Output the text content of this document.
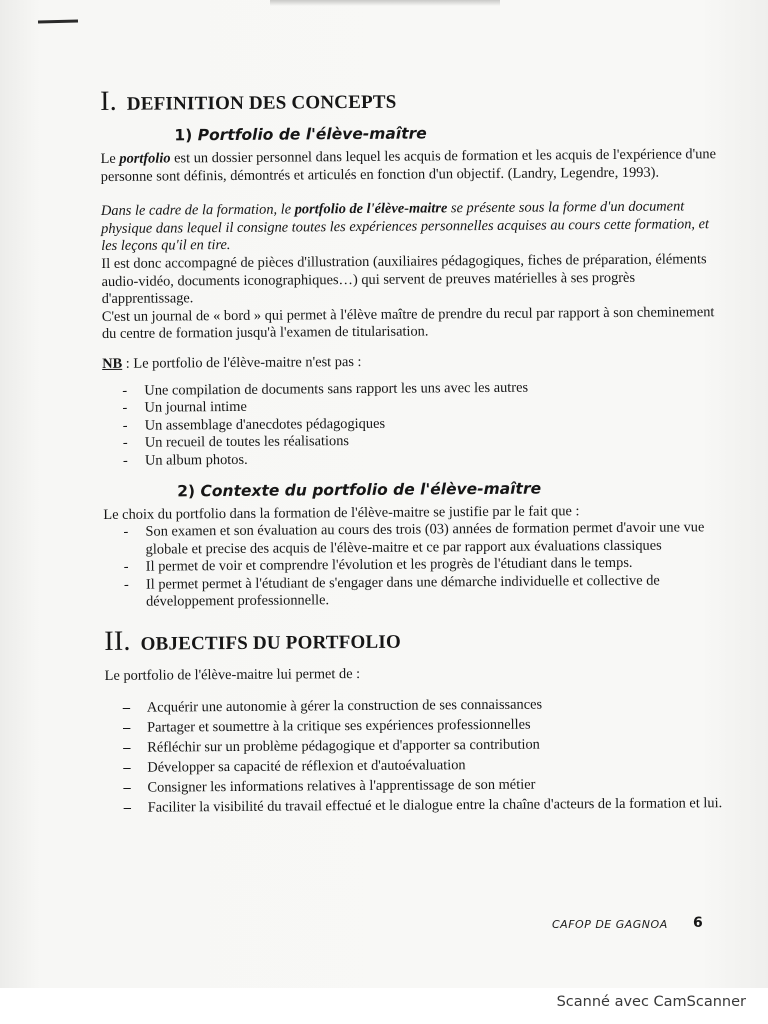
I. DEFINITION DES CONCEPTS
1) Portfolio de l'élève-maître

Le portfolio est un dossier personnel dans lequel les acquis de formation et les acquis de l'expérience d'une personne sont définis, démontrés et articulés en fonction d'un objectif. (Landry, Legendre, 1993).

Dans le cadre de la formation, le portfolio de l'élève-maitre se présente sous la forme d'un document physique dans lequel il consigne toutes les expériences personnelles acquises au cours cette formation, et les leçons qu'il en tire.

Il est donc accompagné de pièces d'illustration (auxiliaires pédagogiques, fiches de préparation, éléments audio-vidéo, documents iconographiques…) qui servent de preuves matérielles à ses progrès d'apprentissage.

C'est un journal de « bord » qui permet à l'élève maître de prendre du recul par rapport à son cheminement du centre de formation jusqu'à l'examen de titularisation.

NB : Le portfolio de l'élève-maitre n'est pas :

- Une compilation de documents sans rapport les uns avec les autres
- Un journal intime
- Un assemblage d'anecdotes pédagogiques
- Un recueil de toutes les réalisations
- Un album photos.
2) Contexte du portfolio de l'élève-maître

Le choix du portfolio dans la formation de l'élève-maitre se justifie par le fait que :

- Son examen et son évaluation au cours des trois (03) années de formation permet d'avoir une vue globale et precise des acquis de l'élève-maitre et ce par rapport aux évaluations classiques
- Il permet de voir et comprendre l'évolution et les progrès de l'étudiant dans le temps.
- Il permet permet à l'étudiant de s'engager dans une démarche individuelle et collective de développement professionnelle.
II. OBJECTIFS DU PORTFOLIO

Le portfolio de l'élève-maitre lui permet de :

– Acquérir une autonomie à gérer la construction de ses connaissances
– Partager et soumettre à la critique ses expériences professionnelles
– Réfléchir sur un problème pédagogique et d'apporter sa contribution
– Développer sa capacité de réflexion et d'autoévaluation
– Consigner les informations relatives à l'apprentissage de son métier
– Faciliter la visibilité du travail effectué et le dialogue entre la chaîne d'acteurs de la formation et lui.
CAFOP DE GAGNOA 6
Scanné avec CamScanner
